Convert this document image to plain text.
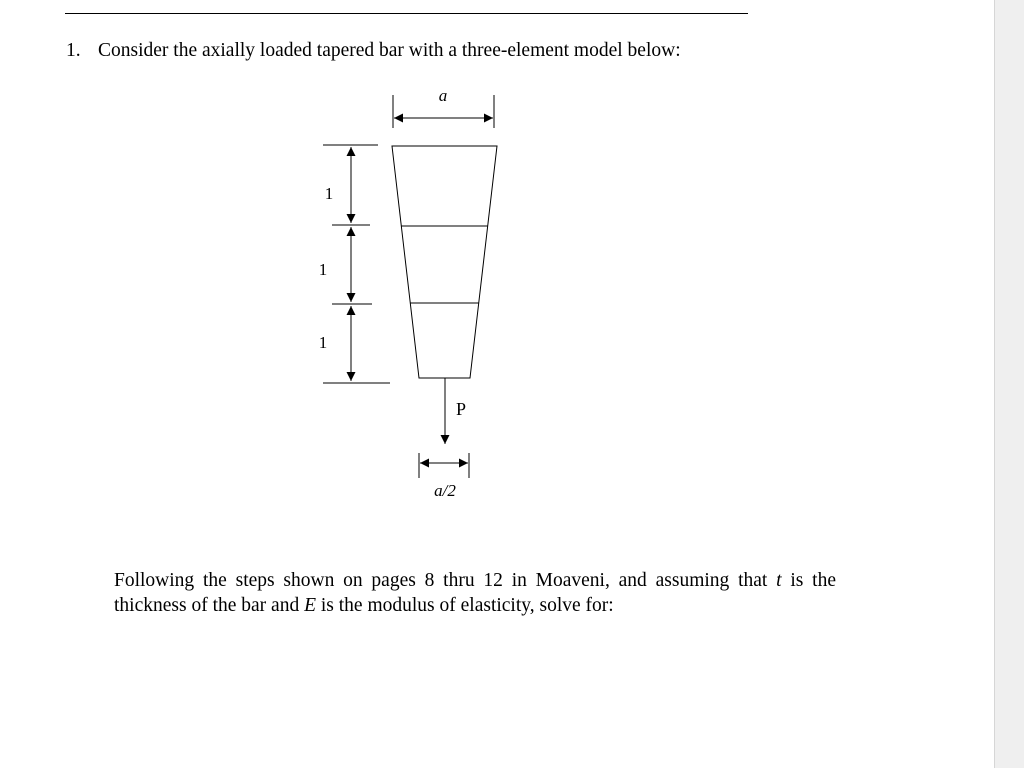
1. Consider the axially loaded tapered bar with a three-element model below:
a
1
1
1
P
a/2
Following the steps shown on pages 8 thru 12 in Moaveni, and assuming that t is the thickness of the bar and E is the modulus of elasticity, solve for:
